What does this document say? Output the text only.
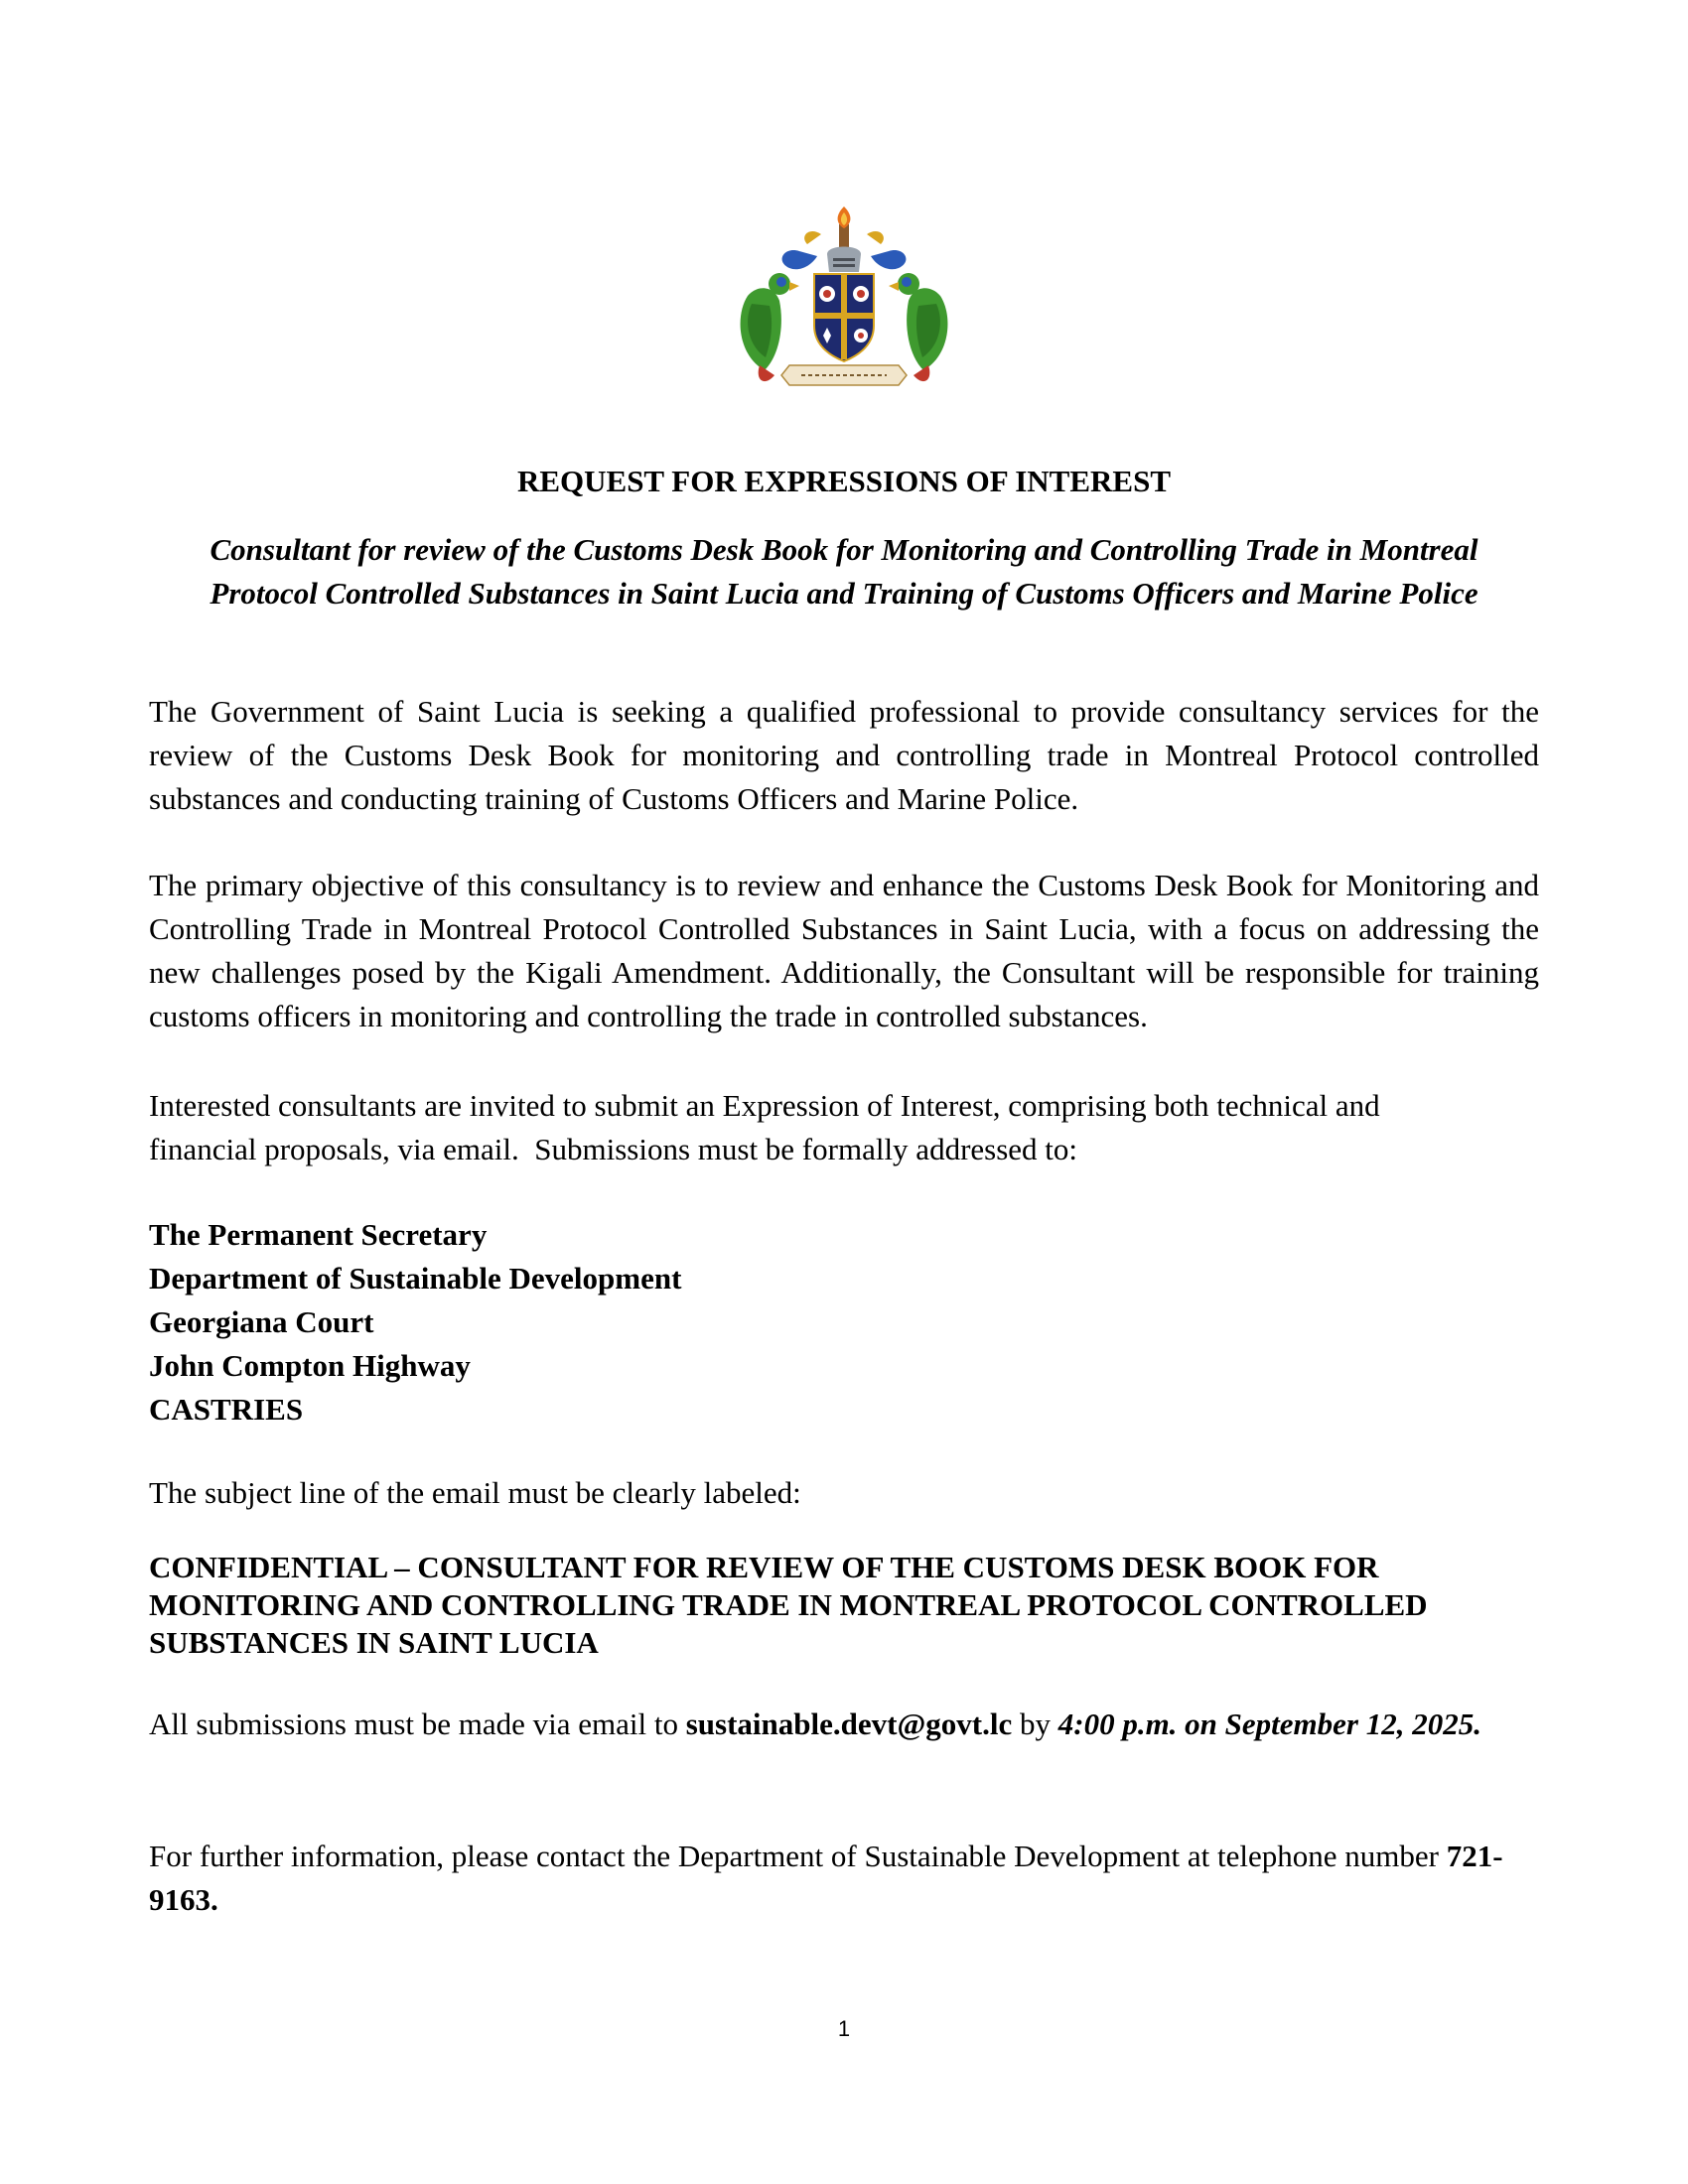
REQUEST FOR EXPRESSIONS OF INTEREST
Consultant for review of the Customs Desk Book for Monitoring and Controlling Trade in Montreal
Protocol Controlled Substances in Saint Lucia and Training of Customs Officers and Marine Police

The Government of Saint Lucia is seeking a qualified professional to provide consultancy services for the review of the Customs Desk Book for monitoring and controlling trade in Montreal Protocol controlled substances and conducting training of Customs Officers and Marine Police.

The primary objective of this consultancy is to review and enhance the Customs Desk Book for Monitoring and Controlling Trade in Montreal Protocol Controlled Substances in Saint Lucia, with a focus on addressing the new challenges posed by the Kigali Amendment. Additionally, the Consultant will be responsible for training customs officers in monitoring and controlling the trade in controlled substances.

Interested consultants are invited to submit an Expression of Interest, comprising both technical and
financial proposals, via email.  Submissions must be formally addressed to:
The Permanent Secretary
Department of Sustainable Development
Georgiana Court
John Compton Highway
CASTRIES

The subject line of the email must be clearly labeled:

CONFIDENTIAL – CONSULTANT FOR REVIEW OF THE CUSTOMS DESK BOOK FOR
MONITORING AND CONTROLLING TRADE IN MONTREAL PROTOCOL CONTROLLED
SUBSTANCES IN SAINT LUCIA

All submissions must be made via email to sustainable.devt@govt.lc by 4:00 p.m. on September 12, 2025.

For further information, please contact the Department of Sustainable Development at telephone number 721-9163.

1
